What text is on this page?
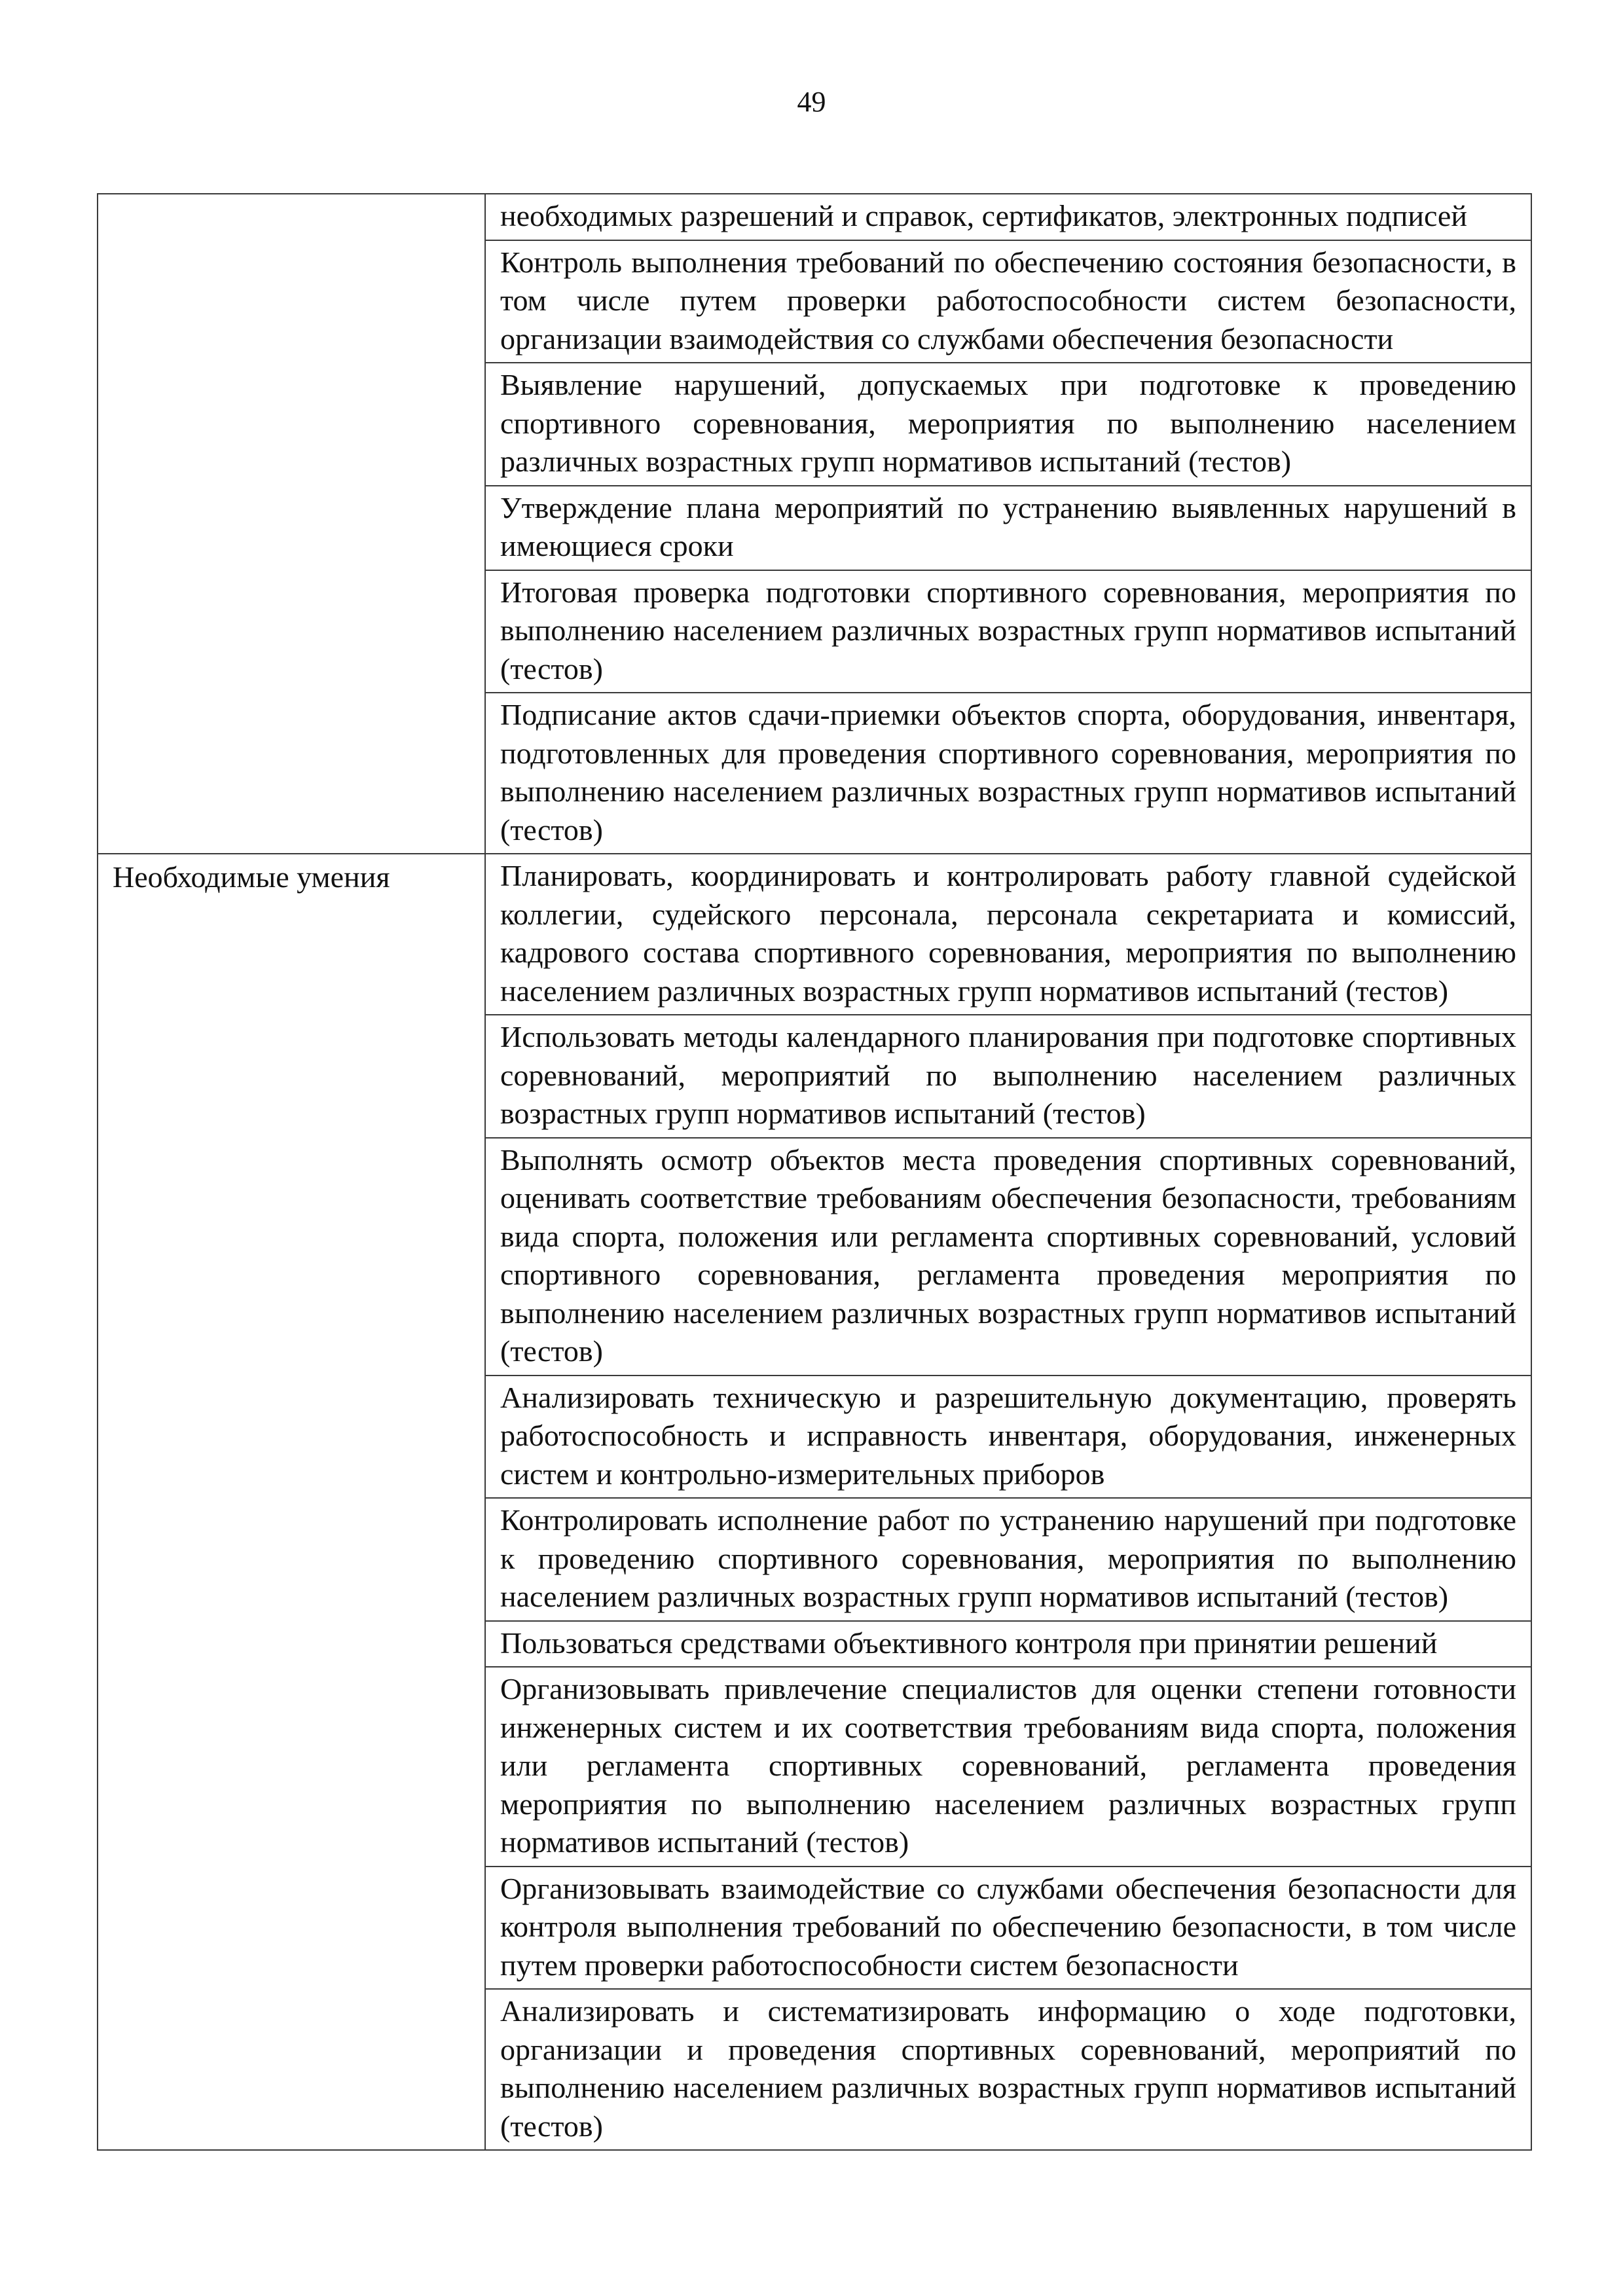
49
	необходимых разрешений и справок, сертификатов, электронных подписей
	Контроль выполнения требований по обеспечению состояния безопасности, в том числе путем проверки работоспособности систем безопасности, организации взаимодействия со службами обеспечения безопасности
	Выявление нарушений, допускаемых при подготовке к проведению спортивного соревнования, мероприятия по выполнению населением различных возрастных групп нормативов испытаний (тестов)
	Утверждение плана мероприятий по устранению выявленных нарушений в имеющиеся сроки
	Итоговая проверка подготовки спортивного соревнования, мероприятия по выполнению населением различных возрастных групп нормативов испытаний (тестов)
	Подписание актов сдачи-приемки объектов спорта, оборудования, инвентаря, подготовленных для проведения спортивного соревнования, мероприятия по выполнению населением различных возрастных групп нормативов испытаний (тестов)
Необходимые умения	Планировать, координировать и контролировать работу главной судейской коллегии, судейского персонала, персонала секретариата и комиссий, кадрового состава спортивного соревнования, мероприятия по выполнению населением различных возрастных групп нормативов испытаний (тестов)
	Использовать методы календарного планирования при подготовке спортивных соревнований, мероприятий по выполнению населением различных возрастных групп нормативов испытаний (тестов)
	Выполнять осмотр объектов места проведения спортивных соревнований, оценивать соответствие требованиям обеспечения безопасности, требованиям вида спорта, положения или регламента спортивных соревнований, условий спортивного соревнования, регламента проведения мероприятия по выполнению населением различных возрастных групп нормативов испытаний (тестов)
	Анализировать техническую и разрешительную документацию, проверять работоспособность и исправность инвентаря, оборудования, инженерных систем и контрольно-измерительных приборов
	Контролировать исполнение работ по устранению нарушений при подготовке к проведению спортивного соревнования, мероприятия по выполнению населением различных возрастных групп нормативов испытаний (тестов)
	Пользоваться средствами объективного контроля при принятии решений
	Организовывать привлечение специалистов для оценки степени готовности инженерных систем и их соответствия требованиям вида спорта, положения или регламента спортивных соревнований, регламента проведения мероприятия по выполнению населением различных возрастных групп нормативов испытаний (тестов)
	Организовывать взаимодействие со службами обеспечения безопасности для контроля выполнения требований по обеспечению безопасности, в том числе путем проверки работоспособности систем безопасности
	Анализировать и систематизировать информацию о ходе подготовки, организации и проведения спортивных соревнований, мероприятий по выполнению населением различных возрастных групп нормативов испытаний (тестов)
